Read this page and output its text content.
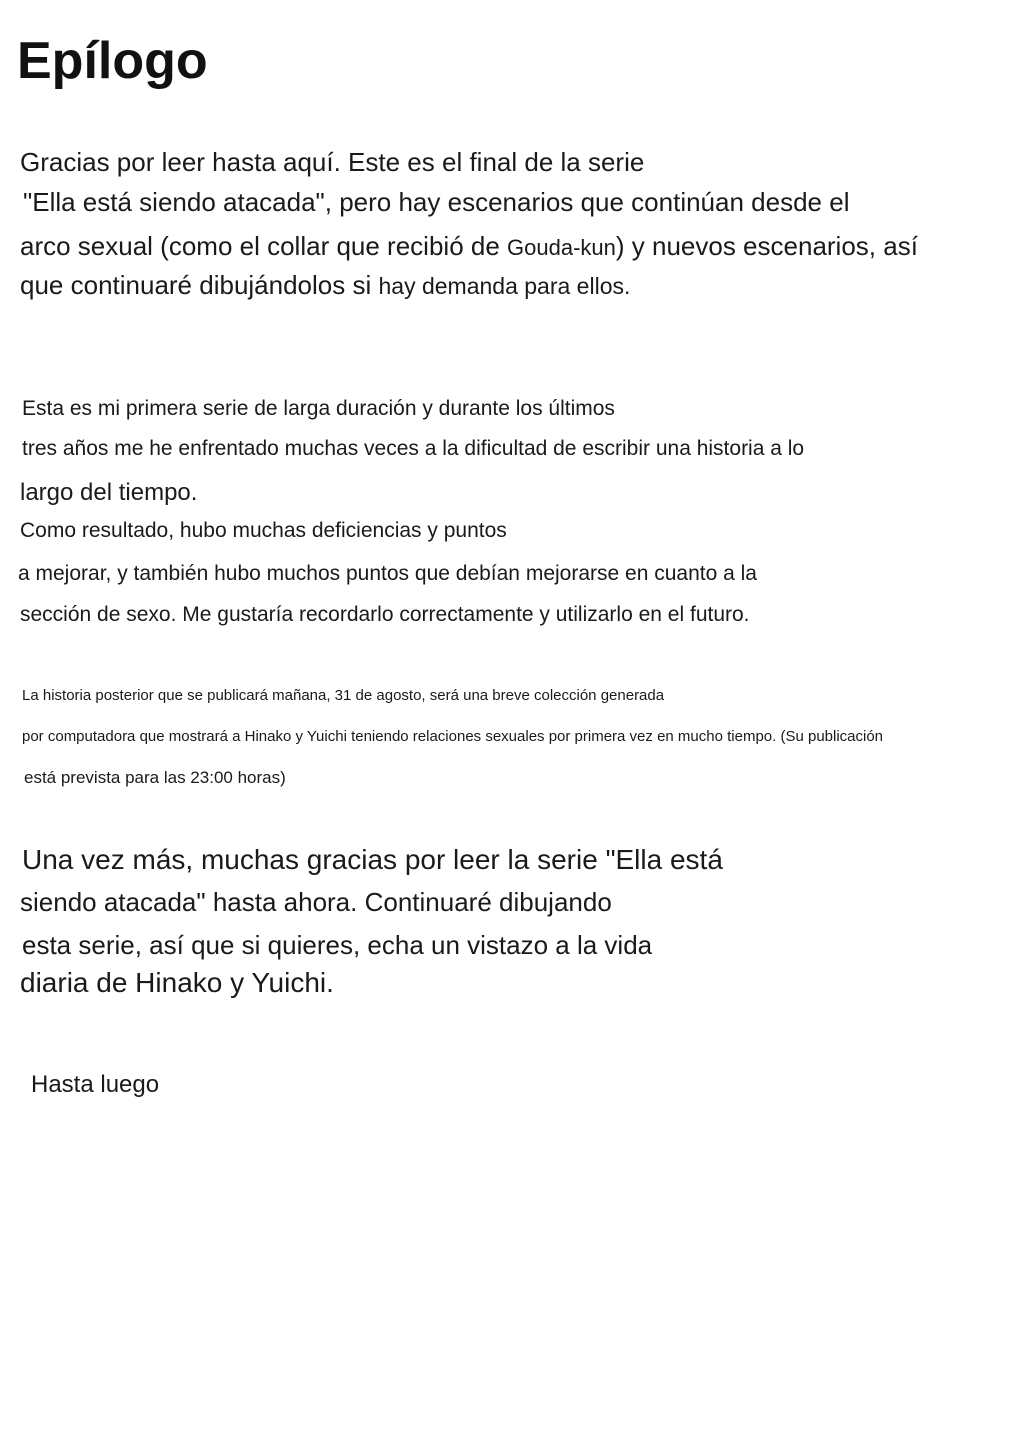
Epílogo

Gracias por leer hasta aquí. Este es el final de la serie

"Ella está siendo atacada", pero hay escenarios que continúan desde el

arco sexual (como el collar que recibió de Gouda-kun) y nuevos escenarios, así

que continuaré dibujándolos si hay demanda para ellos.

Esta es mi primera serie de larga duración y durante los últimos

tres años me he enfrentado muchas veces a la dificultad de escribir una historia a lo

largo del tiempo.

Como resultado, hubo muchas deficiencias y puntos

a mejorar, y también hubo muchos puntos que debían mejorarse en cuanto a la

sección de sexo. Me gustaría recordarlo correctamente y utilizarlo en el futuro.

La historia posterior que se publicará mañana, 31 de agosto, será una breve colección generada

por computadora que mostrará a Hinako y Yuichi teniendo relaciones sexuales por primera vez en mucho tiempo. (Su publicación

está prevista para las 23:00 horas)

Una vez más, muchas gracias por leer la serie "Ella está

siendo atacada" hasta ahora. Continuaré dibujando

esta serie, así que si quieres, echa un vistazo a la vida

diaria de Hinako y Yuichi.

Hasta luego
